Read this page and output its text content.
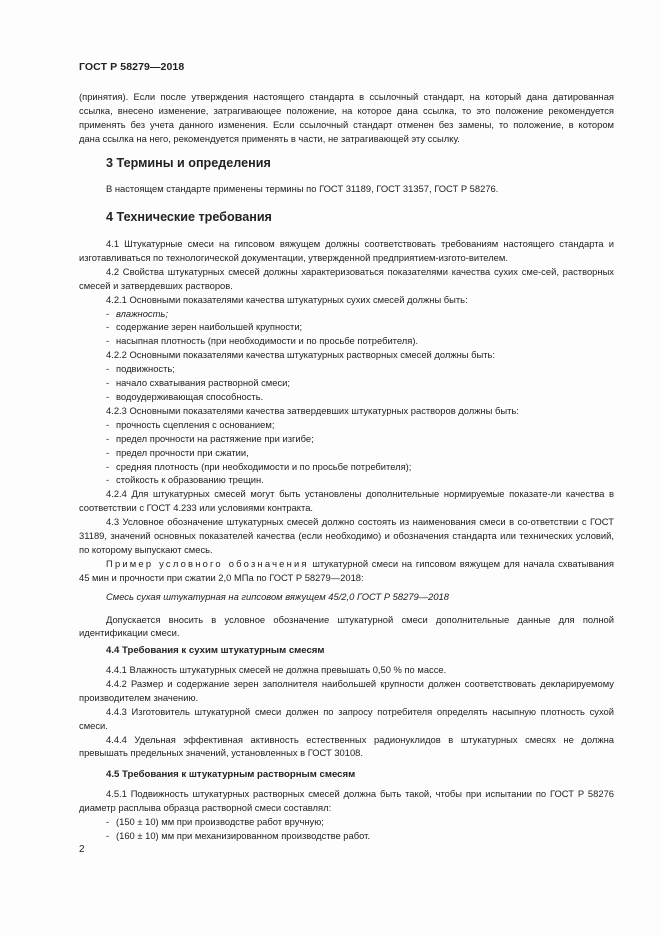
ГОСТ Р 58279—2018
(принятия). Если после утверждения настоящего стандарта в ссылочный стандарт, на который дана датированная
ссылка, внесено изменение, затрагивающее положение, на которое дана ссылка, то это положение рекомендуется
применять без учета данного изменения. Если ссылочный стандарт отменен без замены, то положение, в котором
дана ссылка на него, рекомендуется применять в части, не затрагивающей эту ссылку.
3 Термины и определения
В настоящем стандарте применены термины по ГОСТ 31189, ГОСТ 31357, ГОСТ Р 58276.
4 Технические требования
4.1 Штукатурные смеси на гипсовом вяжущем должны соответствовать требованиям настоящего стандарта и изготавливаться по технологической документации, утвержденной предприятием-изгото-вителем.
4.2 Свойства штукатурных смесей должны характеризоваться показателями качества сухих сме-сей, растворных смесей и затвердевших растворов.
4.2.1 Основными показателями качества штукатурных сухих смесей должны быть:
- влажность;
- содержание зерен наибольшей крупности;
- насыпная плотность (при необходимости и по просьбе потребителя).
4.2.2 Основными показателями качества штукатурных растворных смесей должны быть:
- подвижность;
- начало схватывания растворной смеси;
- водоудерживающая способность.
4.2.3 Основными показателями качества затвердевших штукатурных растворов должны быть:
- прочность сцепления с основанием;
- предел прочности на растяжение при изгибе;
- предел прочности при сжатии,
- средняя плотность (при необходимости и по просьбе потребителя);
- стойкость к образованию трещин.
4.2.4 Для штукатурных смесей могут быть установлены дополнительные нормируемые показате-ли качества в соответствии с ГОСТ 4.233 или условиями контракта.
4.3 Условное обозначение штукатурных смесей должно состоять из наименования смеси в со-ответствии с ГОСТ 31189, значений основных показателей качества (если необходимо) и обозначения стандарта или технических условий, по которому выпускают смесь.
Пример условного обозначения штукатурной смеси на гипсовом вяжущем для начала схватывания 45 мин и прочности при сжатии 2,0 МПа по ГОСТ Р 58279—2018:
Смесь сухая штукатурная на гипсовом вяжущем 45/2,0 ГОСТ Р 58279—2018
Допускается вносить в условное обозначение штукатурной смеси дополнительные данные для полной идентификации смеси.
4.4 Требования к сухим штукатурным смесям
4.4.1 Влажность штукатурных смесей не должна превышать 0,50 % по массе.
4.4.2 Размер и содержание зерен заполнителя наибольшей крупности должен соответствовать декларируемому производителем значению.
4.4.3 Изготовитель штукатурной смеси должен по запросу потребителя определять насыпную плотность сухой смеси.
4.4.4 Удельная эффективная активность естественных радионуклидов в штукатурных смесях не должна превышать предельных значений, установленных в ГОСТ 30108.
4.5 Требования к штукатурным растворным смесям
4.5.1 Подвижность штукатурных растворных смесей должна быть такой, чтобы при испытании по ГОСТ Р 58276 диаметр расплыва образца растворной смеси составлял:
- (150 ± 10) мм при производстве работ вручную;
- (160 ± 10) мм при механизированном производстве работ.
2
